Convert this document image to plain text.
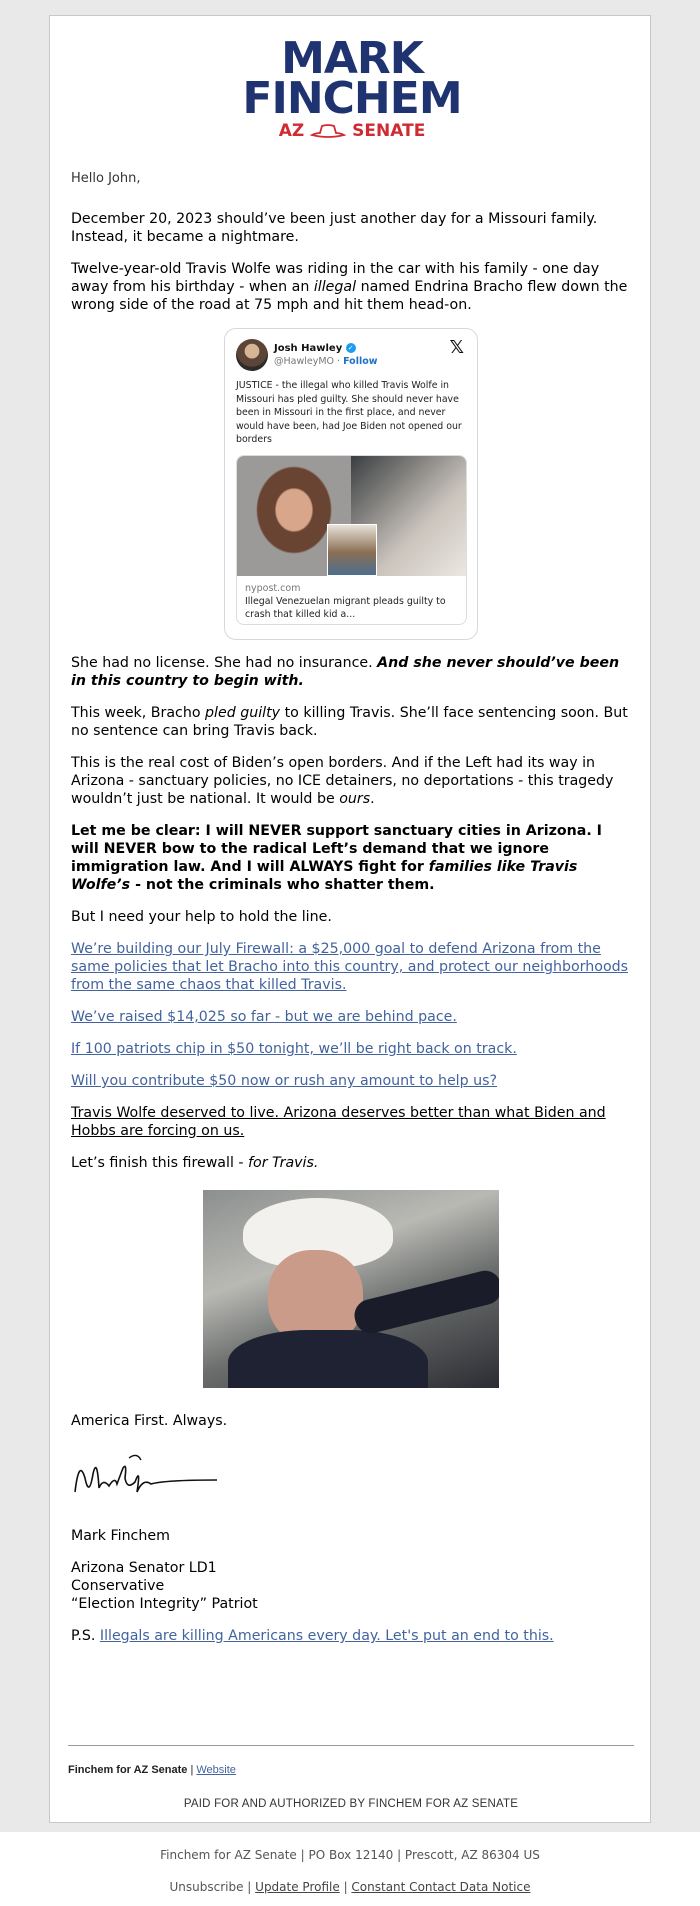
MARK
FINCHEM
AZ	SENATE

Hello John,

December 20, 2023 should’ve been just another day for a Missouri family. Instead, it became a nightmare.

Twelve-year-old Travis Wolfe was riding in the car with his family - one day away from his birthday - when an illegal named Endrina Bracho flew down the wrong side of the road at 75 mph and hit them head-on.

Josh Hawley ✓
@HawleyMO · Follow
𝕏
JUSTICE - the illegal who killed Travis Wolfe in Missouri has pled guilty. She should never have been in Missouri in the first place, and never would have been, had Joe Biden not opened our borders
nypost.com
Illegal Venezuelan migrant pleads guilty to crash that killed kid a...

She had no license. She had no insurance. And she never should’ve been in this country to begin with.

This week, Bracho pled guilty to killing Travis. She’ll face sentencing soon. But no sentence can bring Travis back.

This is the real cost of Biden’s open borders. And if the Left had its way in Arizona - sanctuary policies, no ICE detainers, no deportations - this tragedy wouldn’t just be national. It would be ours.

Let me be clear: I will NEVER support sanctuary cities in Arizona. I will NEVER bow to the radical Left’s demand that we ignore immigration law. And I will ALWAYS fight for families like Travis Wolfe’s - not the criminals who shatter them.

But I need your help to hold the line.

We’re building our July Firewall: a $25,000 goal to defend Arizona from the same policies that let Bracho into this country, and protect our neighborhoods from the same chaos that killed Travis.

We’ve raised $14,025 so far - but we are behind pace.

If 100 patriots chip in $50 tonight, we’ll be right back on track.

Will you contribute $50 now or rush any amount to help us?

Travis Wolfe deserved to live. Arizona deserves better than what Biden and Hobbs are forcing on us.

Let’s finish this firewall - for Travis.

America First. Always.

Mark Finchem

Arizona Senator LD1

Conservative

“Election Integrity” Patriot

P.S. Illegals are killing Americans every day. Let's put an end to this.

Finchem for AZ Senate | Website
PAID FOR AND AUTHORIZED BY FINCHEM FOR AZ SENATE
Finchem for AZ Senate | PO Box 12140 | Prescott, AZ 86304 US
Unsubscribe | Update Profile | Constant Contact Data Notice
